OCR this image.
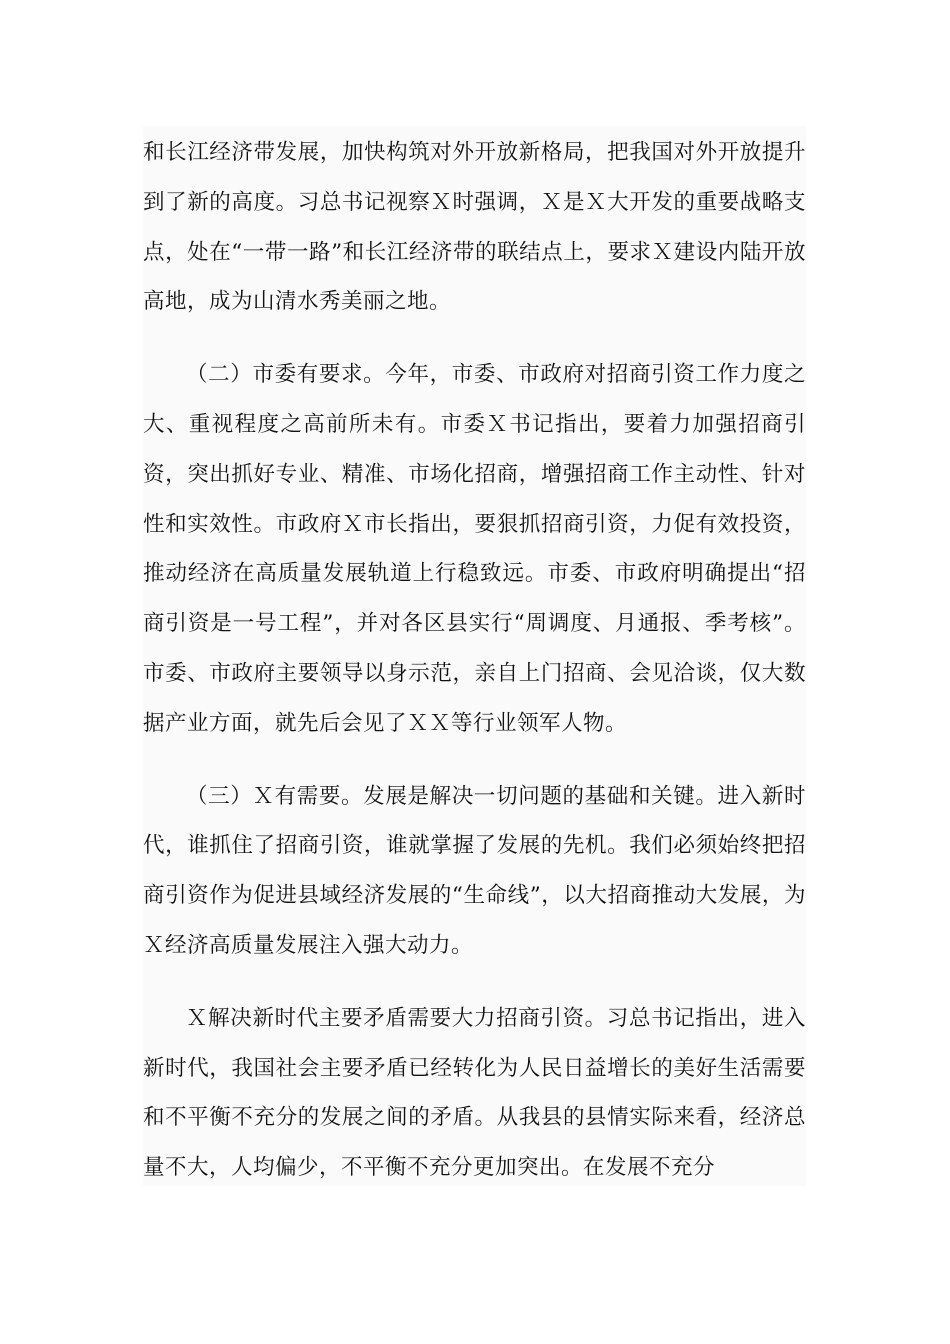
和长江经济带发展，加快构筑对外开放新格局，把我国对外开放提升到了新的高度。习总书记视察Ｘ时强调，Ｘ是Ｘ大开发的重要战略支点，处在“一带一路”和长江经济带的联结点上，要求Ｘ建设内陆开放高地，成为山清水秀美丽之地。

（二）市委有要求。今年，市委、市政府对招商引资工作力度之大、重视程度之高前所未有。市委Ｘ书记指出，要着力加强招商引资，突出抓好专业、精准、市场化招商，增强招商工作主动性、针对性和实效性。市政府Ｘ市长指出，要狠抓招商引资，力促有效投资，推动经济在高质量发展轨道上行稳致远。市委、市政府明确提出“招商引资是一号工程”，并对各区县实行“周调度、月通报、季考核”。市委、市政府主要领导以身示范，亲自上门招商、会见洽谈，仅大数据产业方面，就先后会见了ＸＸ等行业领军人物。

（三）Ｘ有需要。发展是解决一切问题的基础和关键。进入新时代，谁抓住了招商引资，谁就掌握了发展的先机。我们必须始终把招商引资作为促进县域经济发展的“生命线”，以大招商推动大发展，为Ｘ经济高质量发展注入强大动力。

Ｘ解决新时代主要矛盾需要大力招商引资。习总书记指出，进入新时代，我国社会主要矛盾已经转化为人民日益增长的美好生活需要和不平衡不充分的发展之间的矛盾。从我县的县情实际来看，经济总量不大，人均偏少，不平衡不充分更加突出。在发展不充分
